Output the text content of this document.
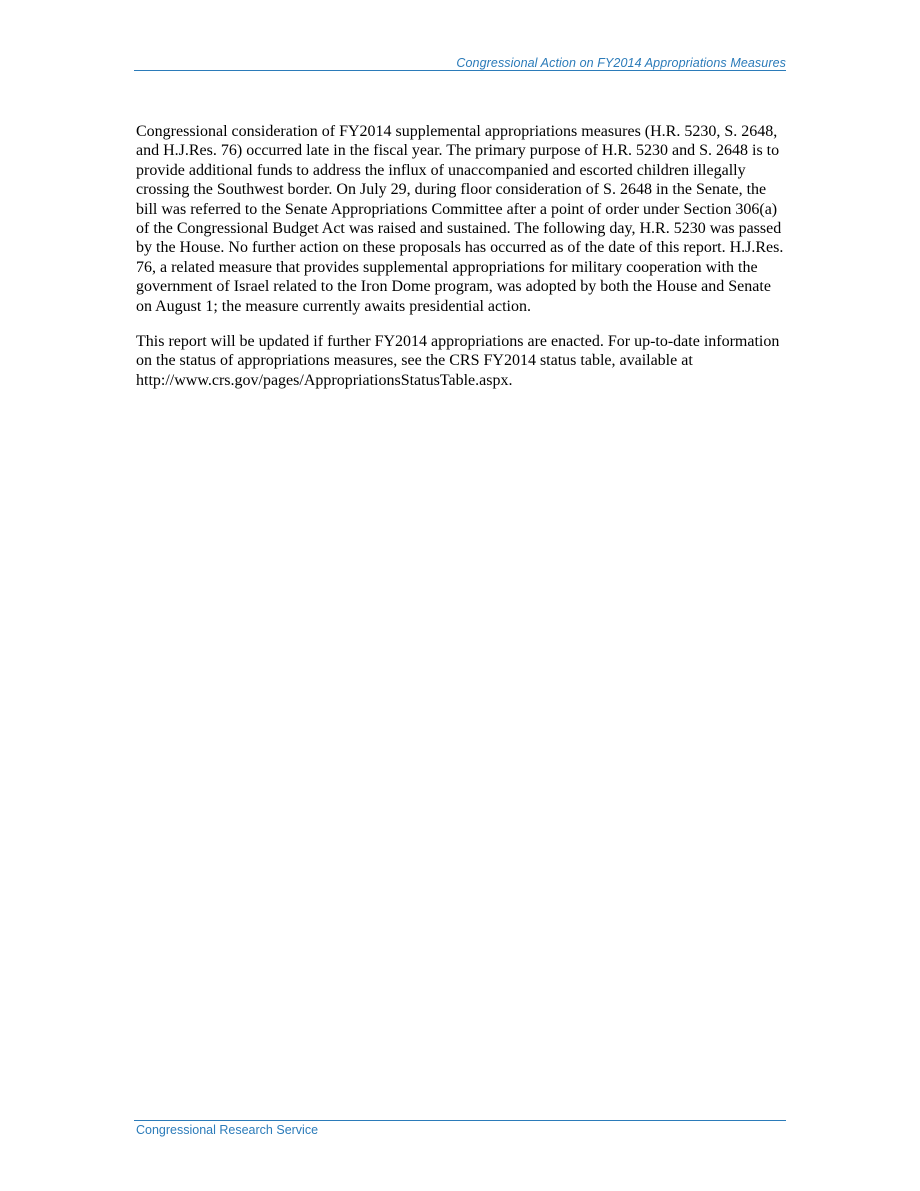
Congressional Action on FY2014 Appropriations Measures

Congressional consideration of FY2014 supplemental appropriations measures (H.R. 5230, S. 2648, and H.J.Res. 76) occurred late in the fiscal year. The primary purpose of H.R. 5230 and S. 2648 is to provide additional funds to address the influx of unaccompanied and escorted children illegally crossing the Southwest border. On July 29, during floor consideration of S. 2648 in the Senate, the bill was referred to the Senate Appropriations Committee after a point of order under Section 306(a) of the Congressional Budget Act was raised and sustained. The following day, H.R. 5230 was passed by the House. No further action on these proposals has occurred as of the date of this report. H.J.Res. 76, a related measure that provides supplemental appropriations for military cooperation with the government of Israel related to the Iron Dome program, was adopted by both the House and Senate on August 1; the measure currently awaits presidential action.

This report will be updated if further FY2014 appropriations are enacted. For up-to-date information on the status of appropriations measures, see the CRS FY2014 status table, available at http://www.crs.gov/pages/AppropriationsStatusTable.aspx.

Congressional Research Service
